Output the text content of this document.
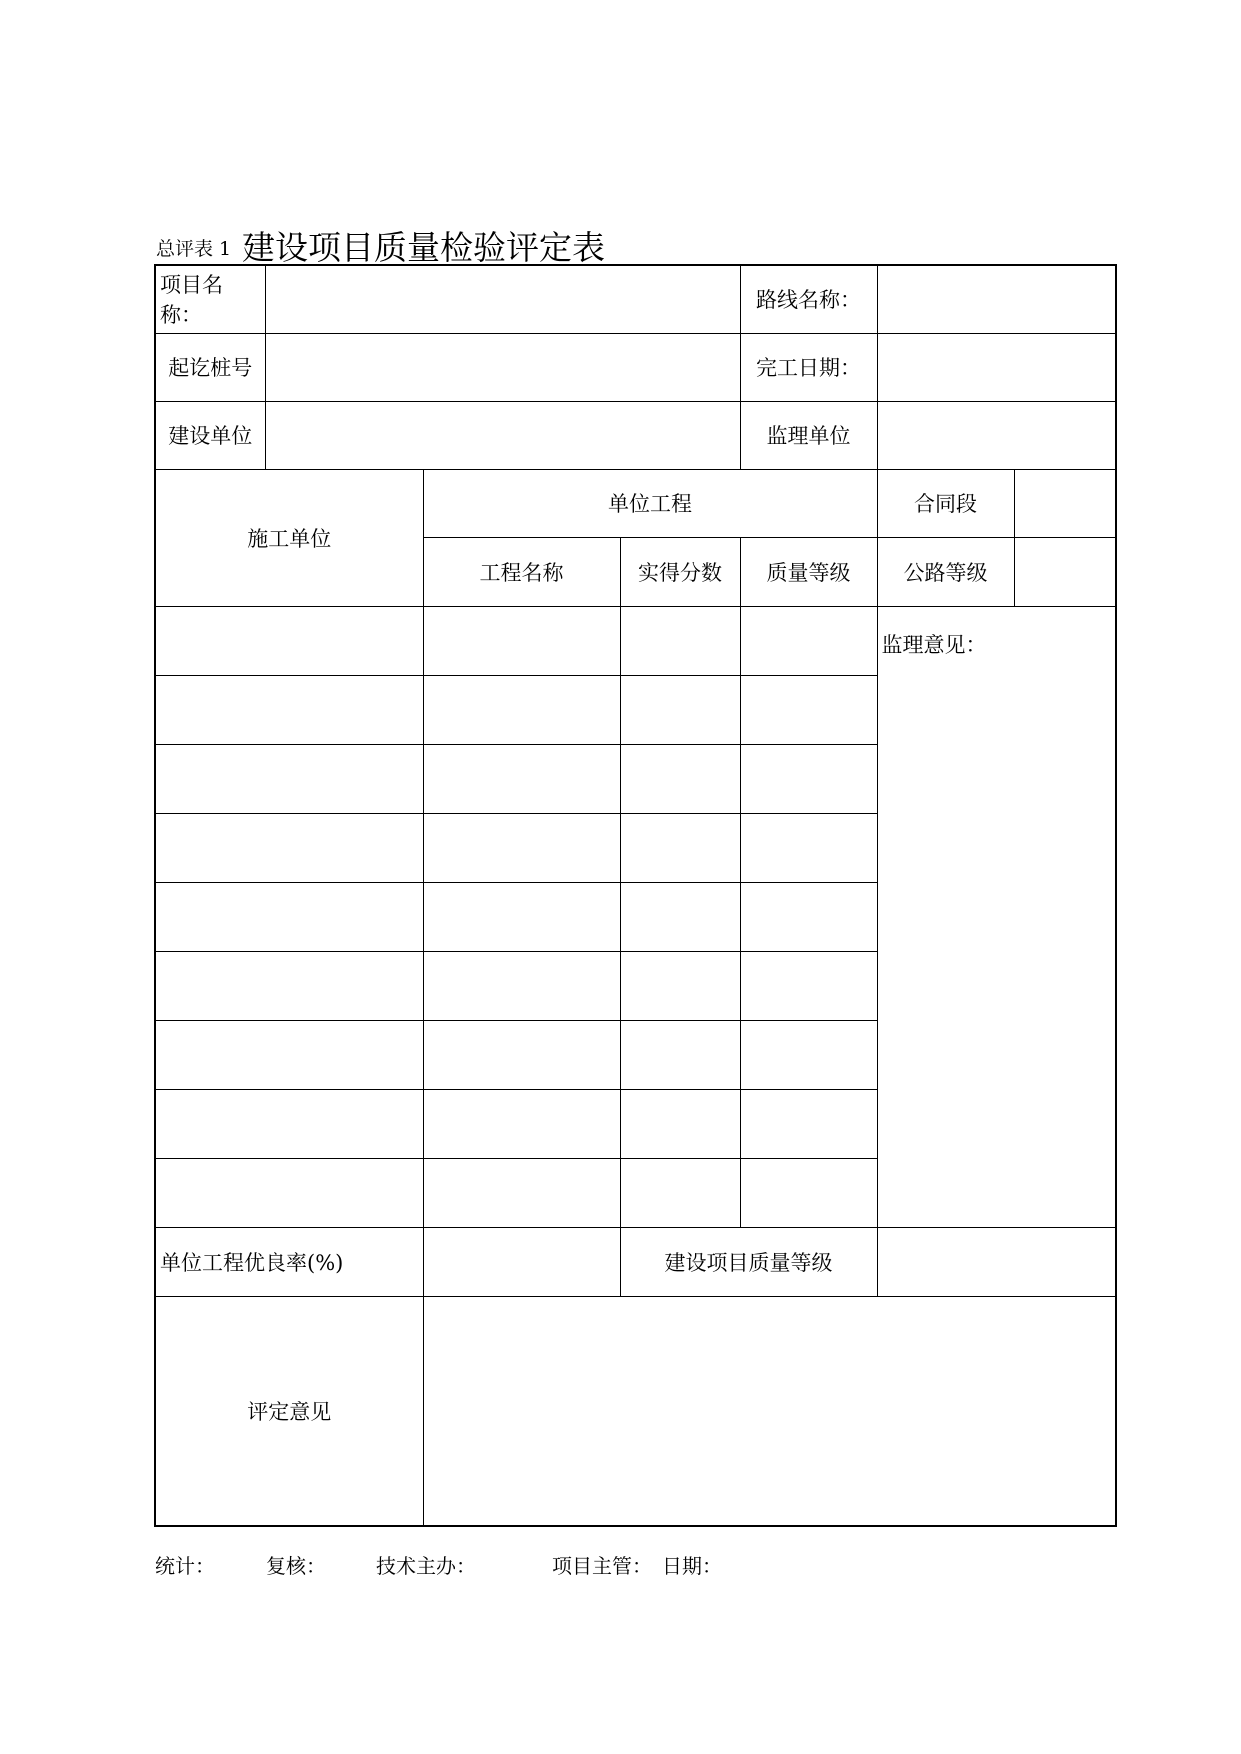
总评表 1 建设项目质量检验评定表
项目名称：				路线名称：		
起讫桩号				完工日期：		
建设单位				监理单位		
施工单位		单位工程			合同段	
		工程名称	实得分数	质量等级	公路等级	
					监理意见：	

单位工程优良率(%)			建设项目质量等级			
评定意见						
统计：	复核：	技术主办：	项目主管： 日期：
